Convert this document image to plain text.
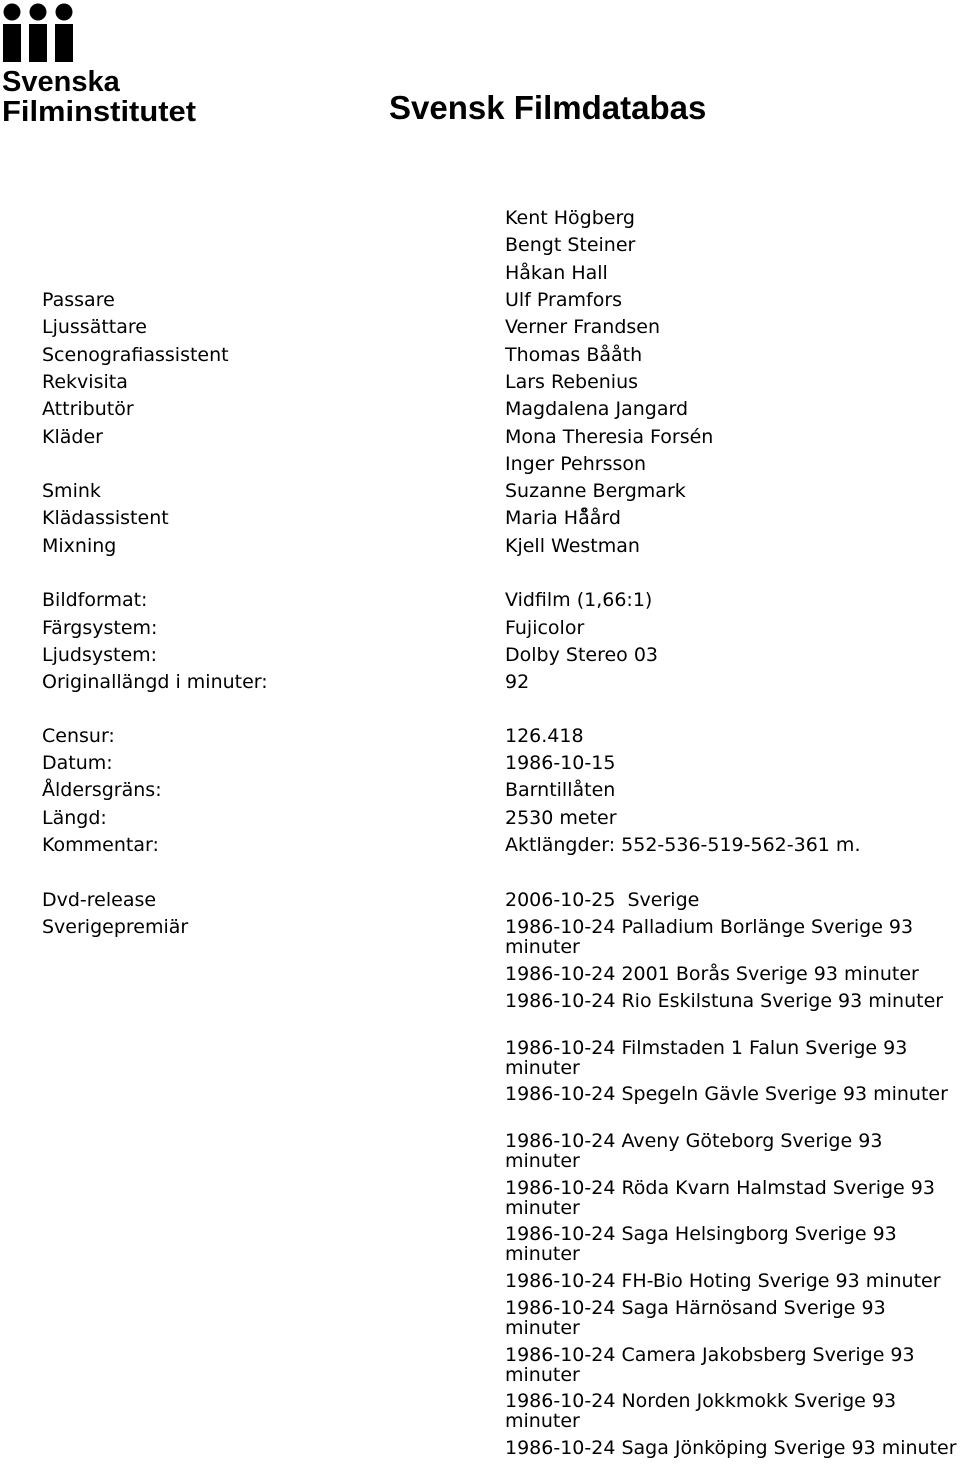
Svenska
Filminstitutet	Svensk Filmdatabas
Kent Högberg
Bengt Steiner
Håkan Hall
Passare	Ulf Pramfors
Ljussättare	Verner Frandsen
Scenografiassistent	Thomas Bååth
Rekvisita	Lars Rebenius
Attributör	Magdalena Jangard
Kläder	Mona Theresia Forsén
Inger Pehrsson
Smink	Suzanne Bergmark
Klädassistent	Maria Hå̊ård
Mixning	Kjell Westman
Bildformat:	Vidfilm (1,66:1)
Färgsystem:	Fujicolor
Ljudsystem:	Dolby Stereo 03
Originallängd i minuter:	92
Censur:	126.418
Datum:	1986-10-15
Åldersgräns:	Barntillåten
Längd:	2530 meter
Kommentar:	Aktlängder: 552-536-519-562-361 m.
Dvd-release	2006-10-25  Sverige
Sverigepremiär	1986-10-24 Palladium Borlänge Sverige 93 minuter
1986-10-24 2001 Borås Sverige 93 minuter
1986-10-24 Rio Eskilstuna Sverige 93 minuter
1986-10-24 Filmstaden 1 Falun Sverige 93 minuter
1986-10-24 Spegeln Gävle Sverige 93 minuter
1986-10-24 Aveny Göteborg Sverige 93 minuter
1986-10-24 Röda Kvarn Halmstad Sverige 93 minuter
1986-10-24 Saga Helsingborg Sverige 93 minuter
1986-10-24 FH-Bio Hoting Sverige 93 minuter
1986-10-24 Saga Härnösand Sverige 93 minuter
1986-10-24 Camera Jakobsberg Sverige 93 minuter
1986-10-24 Norden Jokkmokk Sverige 93 minuter
1986-10-24 Saga Jönköping Sverige 93 minuter
